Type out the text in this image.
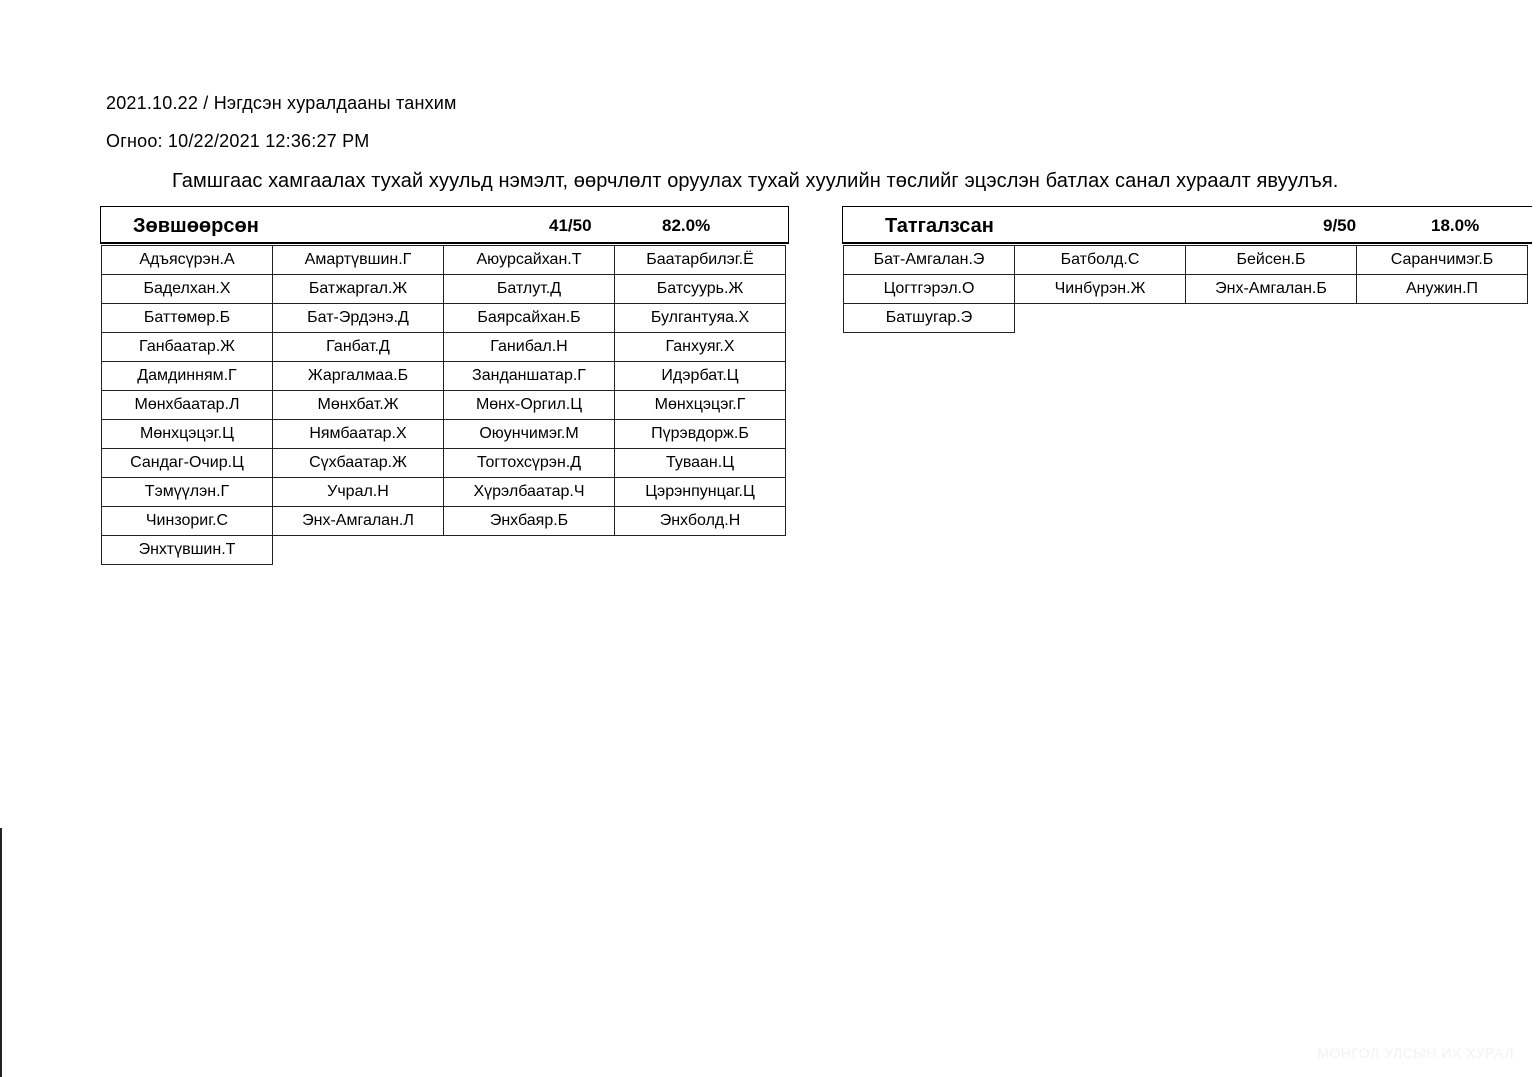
2021.10.22 / Нэгдсэн хуралдааны танхим
Огноо: 10/22/2021 12:36:27 PM
Гамшгаас хамгаалах тухай хуульд нэмэлт, өөрчлөлт оруулах тухай хуулийн төслийг эцэслэн батлах санал хураалт явуулъя.
Зөвшөөрсөн	41/50	82.0%
Адъясүрэн.А	Амартүвшин.Г	Аюурсайхан.Т	Баатарбилэг.Ё
Баделхан.Х	Батжаргал.Ж	Батлут.Д	Батсуурь.Ж
Баттөмөр.Б	Бат-Эрдэнэ.Д	Баярсайхан.Б	Булгантуяа.Х
Ганбаатар.Ж	Ганбат.Д	Ганибал.Н	Ганхуяг.Х
Дамдинням.Г	Жаргалмаа.Б	Занданшатар.Г	Идэрбат.Ц
Мөнхбаатар.Л	Мөнхбат.Ж	Мөнх-Оргил.Ц	Мөнхцэцэг.Г
Мөнхцэцэг.Ц	Нямбаатар.Х	Оюунчимэг.М	Пүрэвдорж.Б
Сандаг-Очир.Ц	Сүхбаатар.Ж	Тогтохсүрэн.Д	Туваан.Ц
Тэмүүлэн.Г	Учрал.Н	Хүрэлбаатар.Ч	Цэрэнпунцаг.Ц
Чинзориг.С	Энх-Амгалан.Л	Энхбаяр.Б	Энхболд.Н
Энхтүвшин.Т
Татгалзсан	9/50	18.0%
Бат-Амгалан.Э	Батболд.С	Бейсен.Б	Саранчимэг.Б
Цогтгэрэл.О	Чинбүрэн.Ж	Энх-Амгалан.Б	Анужин.П
Батшугар.Э
МОНГОЛ УЛСЫН ИХ ХУРАЛ
